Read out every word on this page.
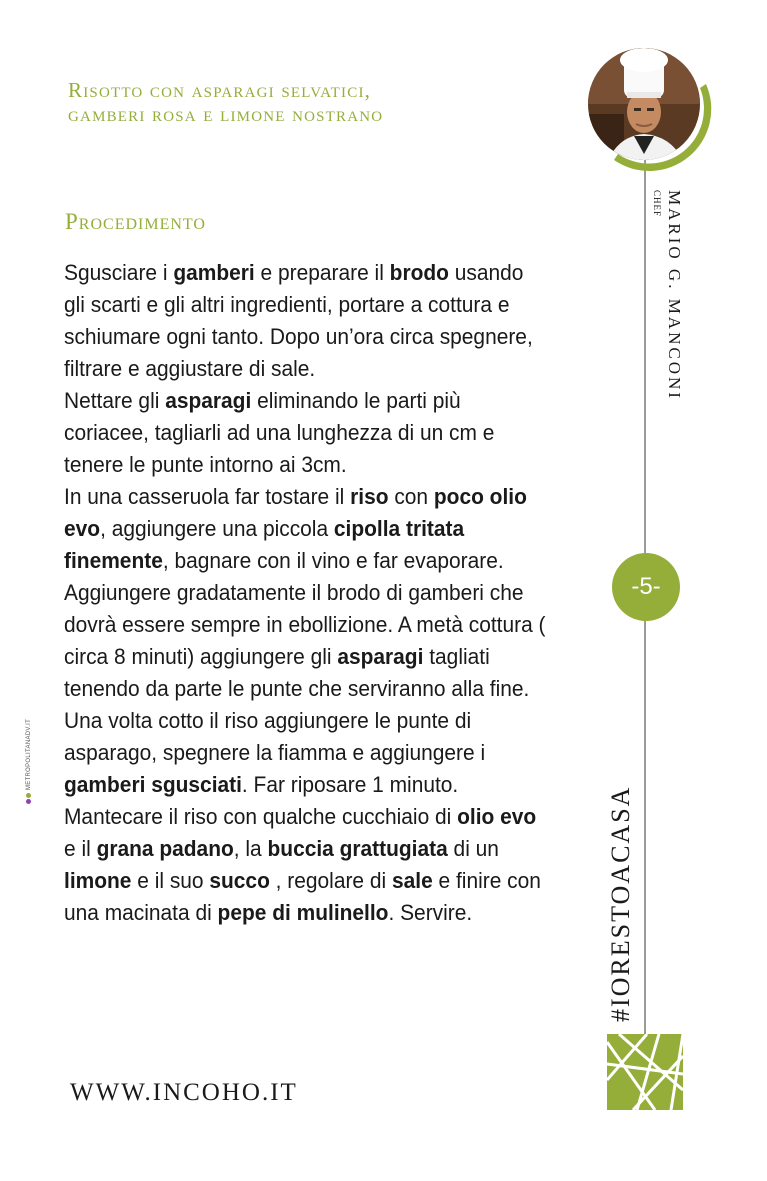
Risotto con asparagi selvatici,
gamberi rosa e limone nostrano
Procedimento

Sgusciare i gamberi e preparare il brodo usando gli scarti e gli altri ingredienti, portare a cottura e schiumare ogni tanto. Dopo un’ora circa spegnere, filtrare e aggiustare di sale.

Nettare gli asparagi eliminando le parti più coriacee, tagliarli ad una lunghezza di un cm e tenere le punte intorno ai 3cm.

In una casseruola far tostare il riso con poco olio evo, aggiungere una piccola cipolla tritata finemente, bagnare con il vino e far evaporare. Aggiungere gradatamente il brodo di gamberi che dovrà essere sempre in ebollizione. A metà cottura ( circa 8 minuti) aggiungere gli asparagi tagliati tenendo da parte le punte che serviranno alla fine. Una volta cotto il riso aggiungere le punte di asparago, spegnere la fiamma e aggiungere i gamberi sgusciati. Far riposare 1 minuto. Mantecare il riso con qualche cucchiaio di olio evo e il grana padano, la buccia grattugiata di un limone e il suo succo , regolare di sale e finire con una macinata di pepe di mulinello. Servire.

WWW.INCOHO.IT
MARIO G. MANCONI
CHEF
-5-
#IORESTOACASA
METROPOLITANADV.IT
